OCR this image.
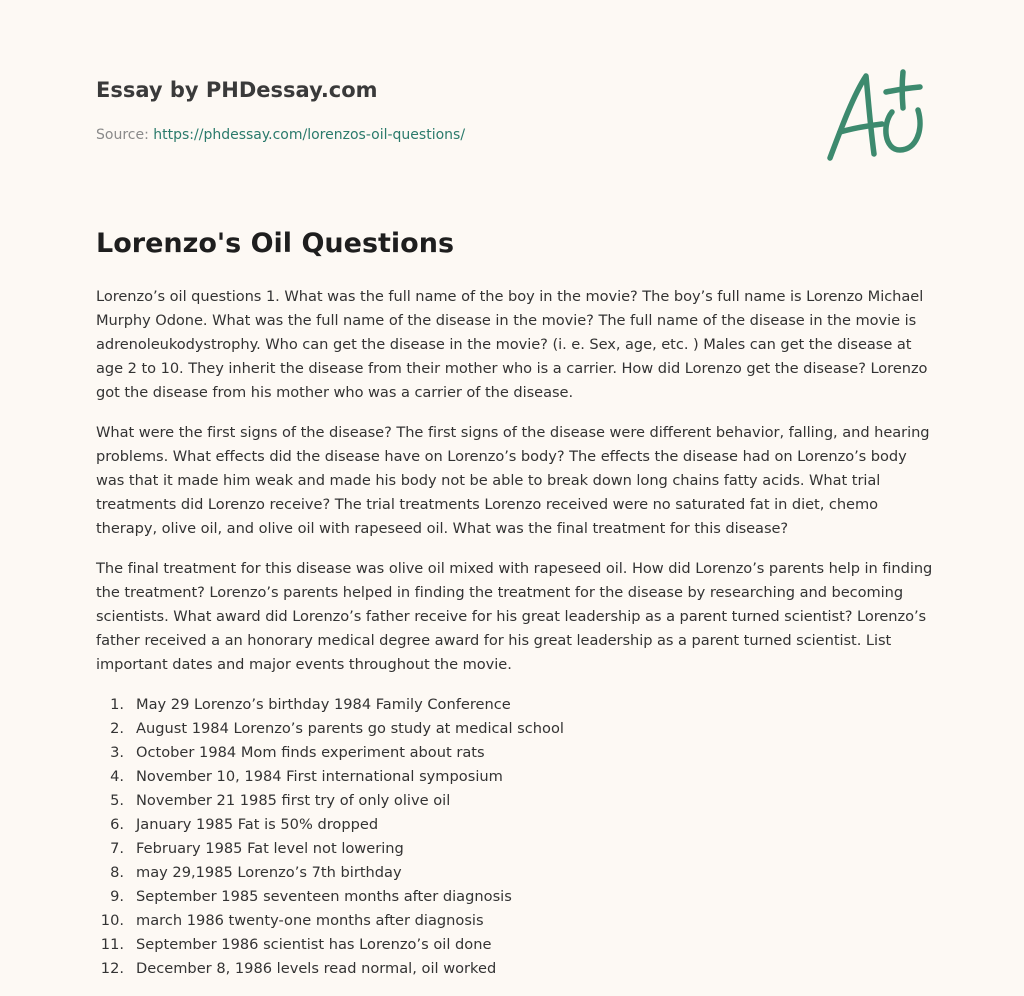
Essay by PHDessay.com
Source: https://phdessay.com/lorenzos-oil-questions/
Lorenzo's Oil Questions

Lorenzo’s oil questions 1. What was the full name of the boy in the movie? The boy’s full name is Lorenzo Michael Murphy Odone. What was the full name of the disease in the movie? The full name of the disease in the movie is adrenoleukodystrophy. Who can get the disease in the movie? (i. e. Sex, age, etc. ) Males can get the disease at age 2 to 10. They inherit the disease from their mother who is a carrier. How did Lorenzo get the disease? Lorenzo got the disease from his mother who was a carrier of the disease.

What were the first signs of the disease? The first signs of the disease were different behavior, falling, and hearing problems. What effects did the disease have on Lorenzo’s body? The effects the disease had on Lorenzo’s body was that it made him weak and made his body not be able to break down long chains fatty acids. What trial treatments did Lorenzo receive? The trial treatments Lorenzo received were no saturated fat in diet, chemo therapy, olive oil, and olive oil with rapeseed oil. What was the final treatment for this disease?

The final treatment for this disease was olive oil mixed with rapeseed oil. How did Lorenzo’s parents help in finding the treatment? Lorenzo’s parents helped in finding the treatment for the disease by researching and becoming scientists. What award did Lorenzo’s father receive for his great leadership as a parent turned scientist? Lorenzo’s father received a an honorary medical degree award for his great leadership as a parent turned scientist. List important dates and major events throughout the movie.

1. May 29 Lorenzo’s birthday 1984 Family Conference
2. August 1984 Lorenzo’s parents go study at medical school
3. October 1984 Mom finds experiment about rats
4. November 10, 1984 First international symposium
5. November 21 1985 first try of only olive oil
6. January 1985 Fat is 50% dropped
7. February 1985 Fat level not lowering
8. may 29,1985 Lorenzo’s 7th birthday
9. September 1985 seventeen months after diagnosis
10. march 1986 twenty-one months after diagnosis
11. September 1986 scientist has Lorenzo’s oil done
12. December 8, 1986 levels read normal, oil worked
